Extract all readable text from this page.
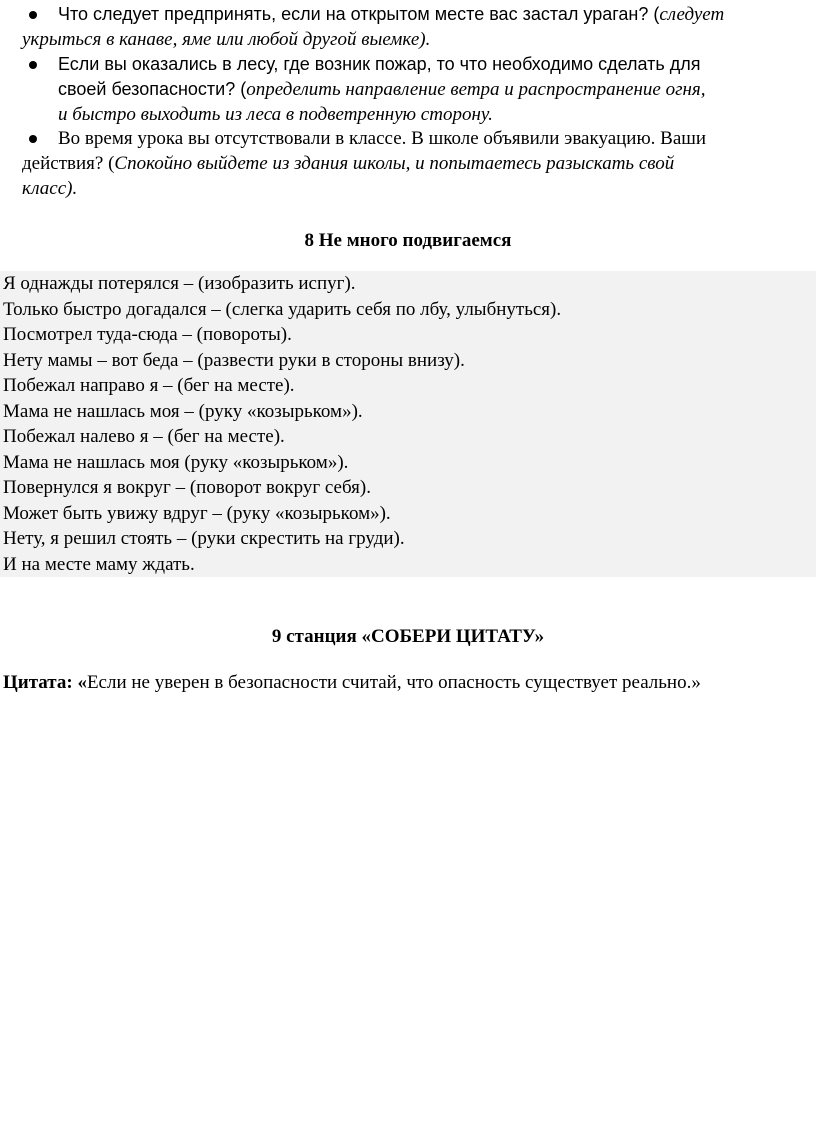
Что следует предпринять, если на открытом месте вас застал ураган? (следует
укрыться в канаве, яме или любой другой выемке).
Если вы оказались в лесу, где возник пожар, то что необходимо сделать для
своей безопасности? (определить направление ветра и распространение огня,
и быстро выходить из леса в подветренную сторону.
Во время урока вы отсутствовали в классе. В школе объявили эвакуацию. Ваши
действия? (Спокойно выйдете из здания школы, и попытаетесь разыскать свой
класс).
8 Не много подвигаемся
Я однажды потерялся – (изобразить испуг).
Только быстро догадался – (слегка ударить себя по лбу, улыбнуться).
Посмотрел туда-сюда – (повороты).
Нету мамы – вот беда – (развести руки в стороны внизу).
Побежал направо я – (бег на месте).
Мама не нашлась моя – (руку «козырьком»).
Побежал налево я – (бег на месте).
Мама не нашлась моя (руку «козырьком»).
Повернулся я вокруг – (поворот вокруг себя).
Может быть увижу вдруг – (руку «козырьком»).
Нету, я решил стоять – (руки скрестить на груди).
И на месте маму ждать.
9 станция «СОБЕРИ ЦИТАТУ»
Цитата: «Если не уверен в безопасности считай, что опасность существует реально.»
